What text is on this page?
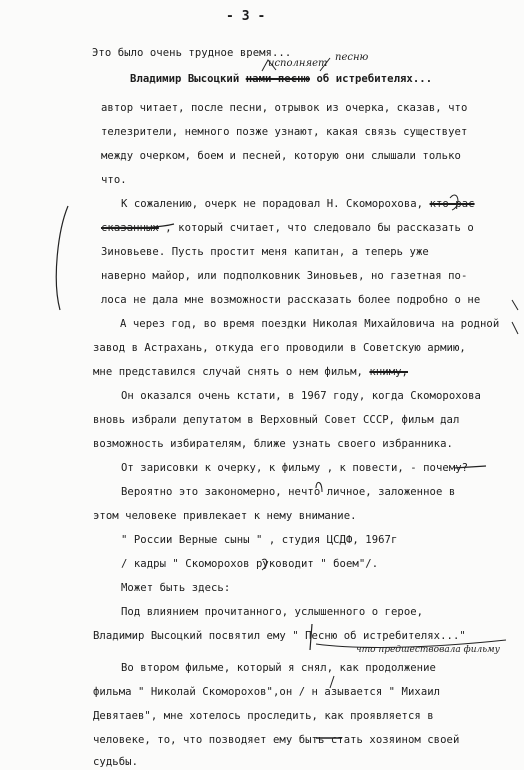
- 3 -
Это было очень трудное время...
исполняет
песню
Владимир Высоцкий нами песню об истребителях...
автор читает, после песни, отрывок из очерка, сказав, что
телезрители, немного позже узнают, какая связь существует
между очерком, боем и песней, которую они слышали только
что.
К сожалению, очерк не порадовал Н. Скоморохова, кто рас
сказанных , который считает, что следовало бы рассказать о
Зиновьеве. Пусть простит меня капитан, а теперь уже
наверно майор, или подполковник Зиновьев, но газетная по-
лоса не дала мне возможности рассказать более подробно о не
А через год, во время поездки Николая Михайловича на родной
завод в Астрахань, откуда его проводили в Советскую армию,
мне представился случай снять о нем фильм, книму,
Он оказался очень кстати, в 1967 году, когда Скоморохова
вновь избрали депутатом в Верховный Совет СССР, фильм дал
возможность избирателям, ближе узнать своего избранника.
От зарисовки к очерку, к фильму , к повести, - почему?
Вероятно это закономерно, нечто личное, заложенное в
этом человеке привлекает к нему внимание.
" России Верные сыны " , студия ЦСДФ, 1967г
/ кадры " Скоморохов руководит " боем"/.
Может быть здесь:
Под влиянием прочитанного, услышенного о герое,
Владимир Высоцкий посвятил ему " Песню об истребителях..."
что предшествовала фильму
Во втором фильме, который я снял, как продолжение
фильма " Николай Скоморохов",он / н азывается " Михаил
Девятаев", мне хотелось проследить, как проявляется в
человеке, то, что позводяет ему быть стать хозяином своей
судьбы.
